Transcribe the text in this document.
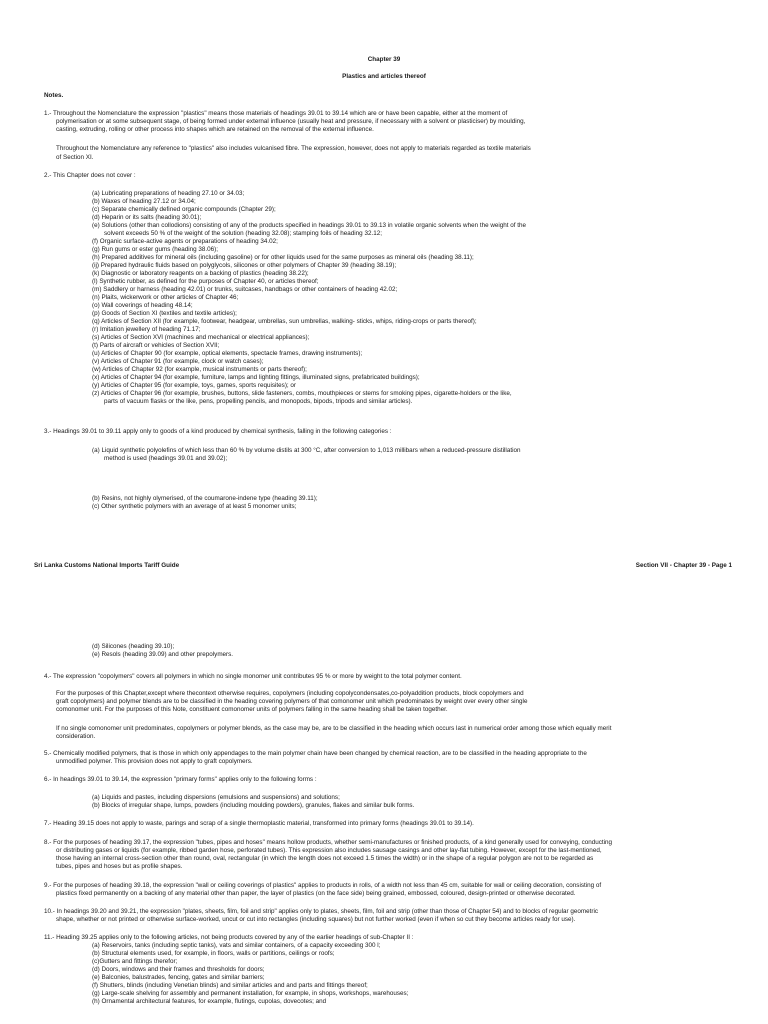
Chapter 39
Plastics and articles thereof
Notes.
1.- Throughout the Nomenclature the expression "plastics" means those materials of headings 39.01 to 39.14 which are or have been capable, either at the moment of
polymerisation or at some subsequent stage, of being formed under external influence (usually heat and pressure, if necessary with a solvent or plasticiser) by moulding,
casting, extruding, rolling or other process into shapes which are retained on the removal of the external influence.
Throughout the Nomenclature any reference to "plastics" also includes vulcanised fibre. The expression, however, does not apply to materials regarded as textile materials
of Section XI.
2.- This Chapter does not cover :
(a) Lubricating preparations of heading 27.10 or 34.03;
(b) Waxes of heading 27.12 or 34.04;
(c) Separate chemically defined organic compounds (Chapter 29);
(d) Heparin or its salts (heading 30.01);
(e) Solutions (other than collodions) consisting of any of the products specified in headings 39.01 to 39.13 in volatile organic solvents when the weight of the
solvent exceeds 50 % of the weight of the solution (heading 32.08); stamping foils of heading 32.12;
(f) Organic surface-active agents or preparations of heading 34.02;
(g) Run gums or ester gums (heading 38.06);
(h) Prepared additives for mineral oils (including gasoline) or for other liquids used for the same purposes as mineral oils (heading 38.11);
(ij) Prepared hydraulic fluids based on polyglycols, silicones or other polymers of Chapter 39 (heading 38.19);
(k) Diagnostic or laboratory reagents on a backing of plastics (heading 38.22);
(l) Synthetic rubber, as defined for the purposes of Chapter 40, or articles thereof;
(m) Saddlery or harness (heading 42.01) or trunks, suitcases, handbags or other containers of heading 42.02;
(n) Plaits, wickerwork or other articles of Chapter 46;
(o) Wall coverings of heading 48.14;
(p) Goods of Section XI (textiles and textile articles);
(q) Articles of Section XII (for example, footwear, headgear, umbrellas, sun umbrellas, walking- sticks, whips, riding-crops or parts thereof);
(r) Imitation jewellery of heading 71.17;
(s) Articles of Section XVI (machines and mechanical or electrical appliances);
(t) Parts of aircraft or vehicles of Section XVII;
(u) Articles of Chapter 90 (for example, optical elements, spectacle frames, drawing instruments);
(v) Articles of Chapter 91 (for example, clock or watch cases);
(w) Articles of Chapter 92 (for example, musical instruments or parts thereof);
(x) Articles of Chapter 94 (for example, furniture, lamps and lighting fittings, illuminated signs, prefabricated buildings);
(y) Articles of Chapter 95 (for example, toys, games, sports requisites); or
(z) Articles of Chapter 96 (for example, brushes, buttons, slide fasteners, combs, mouthpieces or stems for smoking pipes, cigarette-holders or the like,
parts of vacuum flasks or the like, pens, propelling pencils, and monopods, bipods, tripods and similar articles).
3.- Headings 39.01 to 39.11 apply only to goods of a kind produced by chemical synthesis, falling in the following categories :
(a) Liquid synthetic polyolefins of which less than 60 % by volume distils at 300 °C, after conversion to 1,013 millibars when a reduced-pressure distillation
method is used (headings 39.01 and 39.02);
(b) Resins, not highly olymerised, of the coumarone-indene type (heading 39.11);
(c) Other synthetic polymers with an average of at least 5 monomer units;
Sri Lanka Customs National Imports Tariff Guide	Section VII - Chapter 39 - Page 1
(d) Silicones (heading 39.10);
(e) Resols (heading 39.09) and other prepolymers.
4.- The expression "copolymers" covers all polymers in which no single monomer unit contributes 95 % or more by weight to the total polymer content.
For the purposes of this Chapter,except where thecontext otherwise requires, copolymers (including copolycondensates,co-polyaddition products, block copolymers and
graft copolymers) and polymer blends are to be classified in the heading covering polymers of that comonomer unit which predominates by weight over every other single
comonomer unit. For the purposes of this Note, constituent comonomer units of polymers falling in the same heading shall be taken together.
If no single comonomer unit predominates, copolymers or polymer blends, as the case may be, are to be classified in the heading which occurs last in numerical order among those which equally merit
consideration.
5.- Chemically modified polymers, that is those in which only appendages to the main polymer chain have been changed by chemical reaction, are to be classified in the heading appropriate to the
unmodified polymer. This provision does not apply to graft copolymers.
6.- In headings 39.01 to 39.14, the expression "primary forms" applies only to the following forms :
(a) Liquids and pastes, including dispersions (emulsions and suspensions) and solutions;
(b) Blocks of irregular shape, lumps, powders (including moulding powders), granules, flakes and similar bulk forms.
7.- Heading 39.15 does not apply to waste, parings and scrap of a single thermoplastic material, transformed into primary forms (headings 39.01 to 39.14).
8.- For the purposes of heading 39.17, the expression "tubes, pipes and hoses" means hollow products, whether semi-manufactures or finished products, of a kind generally used for conveying, conducting
or distributing gases or liquids (for example, ribbed garden hose, perforated tubes). This expression also includes sausage casings and other lay-flat tubing. However, except for the last-mentioned,
those having an internal cross-section other than round, oval, rectangular (in which the length does not exceed 1.5 times the width) or in the shape of a regular polygon are not to be regarded as
tubes, pipes and hoses but as profile shapes.
9.- For the purposes of heading 39.18, the expression "wall or ceiling coverings of plastics" applies to products in rolls, of a width not less than 45 cm, suitable for wall or ceiling decoration, consisting of
plastics fixed permanently on a backing of any material other than paper, the layer of plastics (on the face side) being grained, embossed, coloured, design-printed or otherwise decorated.
10.- In headings 39.20 and 39.21, the expression "plates, sheets, film, foil and strip" applies only to plates, sheets, film, foil and strip (other than those of Chapter 54) and to blocks of regular geometric
shape, whether or not printed or otherwise surface-worked, uncut or cut into rectangles (including squares) but not further worked (even if when so cut they become articles ready for use).
11.- Heading 39.25 applies only to the following articles, not being products covered by any of the earlier headings of sub-Chapter II :
(a) Reservoirs, tanks (including septic tanks), vats and similar containers, of a capacity exceeding 300 l;
(b) Structural elements used, for example, in floors, walls or partitions, ceilings or roofs;
(c)Gutters and fittings therefor;
(d) Doors, windows and their frames and thresholds for doors;
(e) Balconies, balustrades, fencing, gates and similar barriers;
(f) Shutters, blinds (including Venetian blinds) and similar articles and and parts and fittings thereof;
(g) Large-scale shelving for assembly and permanent installation, for example, in shops, workshops, warehouses;
(h) Ornamental architectural features, for example, flutings, cupolas, dovecotes; and
